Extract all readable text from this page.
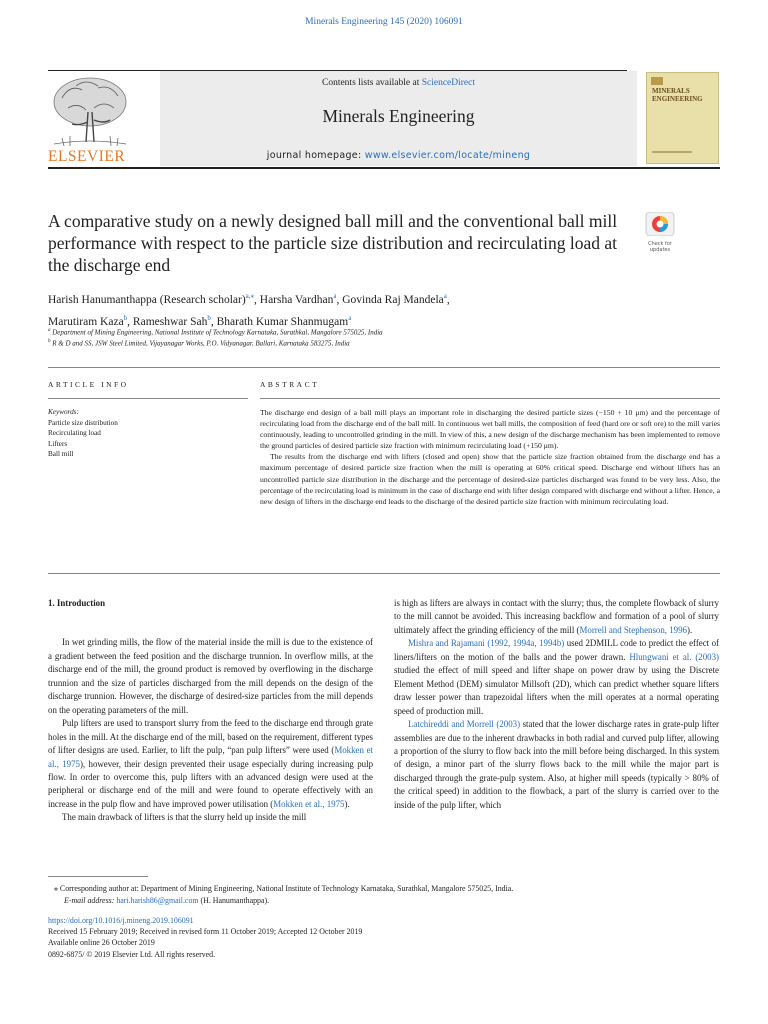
Minerals Engineering 145 (2020) 106091
Contents lists available at ScienceDirect
Minerals Engineering
journal homepage: www.elsevier.com/locate/mineng
ELSEVIER
MINERALS ENGINEERING
A comparative study on a newly designed ball mill and the conventional ball mill performance with respect to the particle size distribution and recirculating load at the discharge end
Check for updates
Harish Hanumanthappa (Research scholar)$^{a,⁎}$, Harsha Vardhan$^a$, Govinda Raj Mandela$^a$,
Marutiram Kaza$^b$, Rameshwar Sah$^b$, Bharath Kumar Shanmugam$^a$
$^a$ Department of Mining Engineering, National Institute of Technology Karnataka, Surathkal, Mangalore 575025, India
$^b$ R & D and SS, JSW Steel Limited, Vijayanagar Works, P.O. Vidyanagar, Ballari, Karnataka 583275, India
ARTICLE INFO	ABSTRACT
Keywords:
Particle size distribution
Recirculating load
Lifters
Ball mill

The discharge end design of a ball mill plays an important role in discharging the desired particle sizes (−150 + 10 μm) and the percentage of recirculating load from the discharge end of the ball mill. In continuous wet ball mills, the composition of feed (hard ore or soft ore) to the mill varies continuously, leading to uncontrolled grinding in the mill. In view of this, a new design of the discharge mechanism has been implemented to remove the ground particles of desired particle size fraction with minimum recirculating load (+150 μm).

The results from the discharge end with lifters (closed and open) show that the particle size fraction obtained from the discharge end has a maximum percentage of desired particle size fraction when the mill is operating at 60% critical speed. Discharge end without lifters has an uncontrolled particle size distribution in the discharge and the percentage of desired-size particles discharged was found to be very less. Also, the percentage of the recirculating load is minimum in the case of discharge end with lifter design compared with discharge end without a lifter. Hence, a new design of lifters in the discharge end leads to the discharge of the desired particle size fraction with minimum recirculating load.

1. Introduction

In wet grinding mills, the flow of the material inside the mill is due to the existence of a gradient between the feed position and the discharge trunnion. In overflow mills, at the discharge end of the mill, the ground product is removed by overflowing in the discharge trunnion and the size of particles discharged from the mill depends on the design of the discharge trunnion. However, the discharge of desired-size particles from the mill depends on the operating parameters of the mill.

Pulp lifters are used to transport slurry from the feed to the discharge end through grate holes in the mill. At the discharge end of the mill, based on the requirement, different types of lifter designs are used. Earlier, to lift the pulp, “pan pulp lifters” were used (Mokken et al., 1975), however, their design prevented their usage especially during increasing pulp flow. In order to overcome this, pulp lifters with an advanced design were used at the peripheral or discharge end of the mill and were found to operate effectively with an increase in the pulp flow and have improved power utilisation (Mokken et al., 1975).

The main drawback of lifters is that the slurry held up inside the mill

is high as lifters are always in contact with the slurry; thus, the complete flowback of slurry to the mill cannot be avoided. This increasing backflow and formation of a pool of slurry ultimately affect the grinding efficiency of the mill (Morrell and Stephenson, 1996).

Mishra and Rajamani (1992, 1994a, 1994b) used 2DMILL code to predict the effect of liners/lifters on the motion of the balls and the power drawn. Hlungwani et al. (2003) studied the effect of mill speed and lifter shape on power draw by using the Discrete Element Method (DEM) simulator Millsoft (2D), which can predict whether square lifters draw lesser power than trapezoidal lifters when the mill operates at a normal operating speed of production mill.

Latchireddi and Morrell (2003) stated that the lower discharge rates in grate-pulp lifter assemblies are due to the inherent drawbacks in both radial and curved pulp lifter, allowing a proportion of the slurry to flow back into the mill before being discharged. In this system of design, a minor part of the slurry flows back to the mill while the major part is discharged through the grate-pulp system. Also, at higher mill speeds (typically > 80% of the critical speed) in addition to the flowback, a part of the slurry is carried over to the inside of the pulp lifter, which

⁎ Corresponding author at: Department of Mining Engineering, National Institute of Technology Karnataka, Surathkal, Mangalore 575025, India.
E-mail address: hari.harish86@gmail.com (H. Hanumanthappa).
https://doi.org/10.1016/j.mineng.2019.106091
Received 15 February 2019; Received in revised form 11 October 2019; Accepted 12 October 2019
Available online 26 October 2019
0892-6875/ © 2019 Elsevier Ltd. All rights reserved.
